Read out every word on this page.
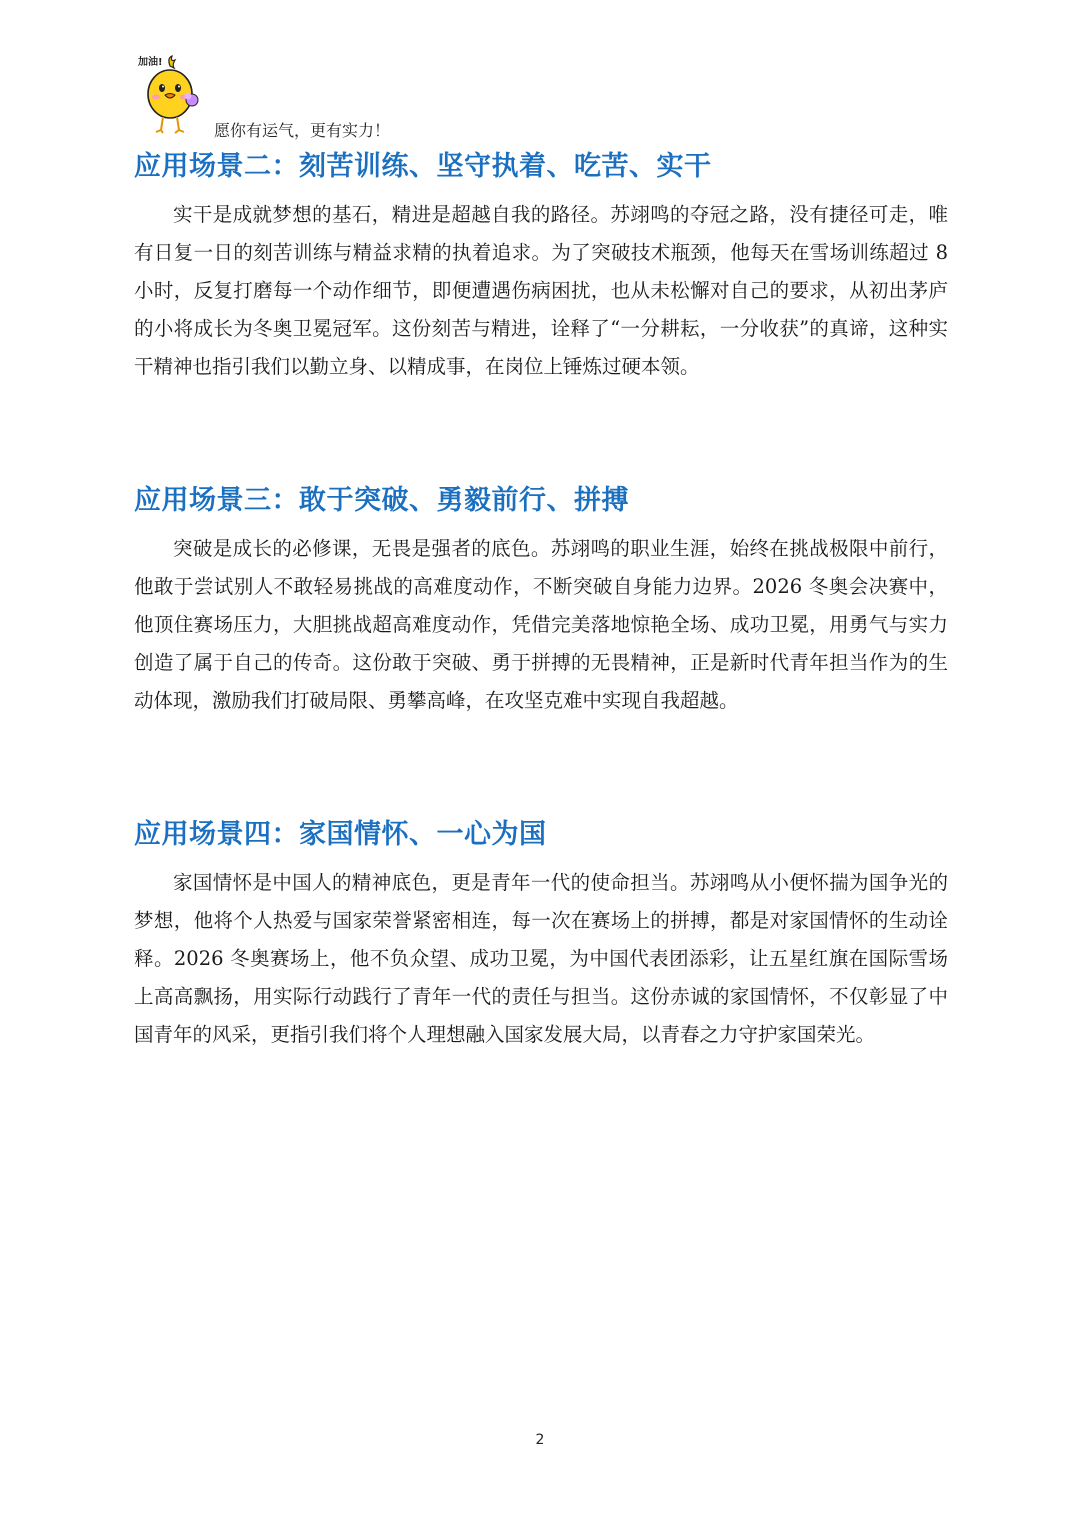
加油!
愿你有运气，更有实力！
应用场景二：刻苦训练、坚守执着、吃苦、实干

实干是成就梦想的基石，精进是超越自我的路径。苏翊鸣的夺冠之路，没有捷径可走，唯有日复一日的刻苦训练与精益求精的执着追求。为了突破技术瓶颈，他每天在雪场训练超过 8 小时，反复打磨每一个动作细节，即便遭遇伤病困扰，也从未松懈对自己的要求，从初出茅庐的小将成长为冬奥卫冕冠军。这份刻苦与精进，诠释了“一分耕耘，一分收获”的真谛，这种实干精神也指引我们以勤立身、以精成事，在岗位上锤炼过硬本领。

应用场景三：敢于突破、勇毅前行、拼搏

突破是成长的必修课，无畏是强者的底色。苏翊鸣的职业生涯，始终在挑战极限中前行，他敢于尝试别人不敢轻易挑战的高难度动作，不断突破自身能力边界。2026 冬奥会决赛中，他顶住赛场压力，大胆挑战超高难度动作，凭借完美落地惊艳全场、成功卫冕，用勇气与实力创造了属于自己的传奇。这份敢于突破、勇于拼搏的无畏精神，正是新时代青年担当作为的生动体现，激励我们打破局限、勇攀高峰，在攻坚克难中实现自我超越。

应用场景四：家国情怀、一心为国

家国情怀是中国人的精神底色，更是青年一代的使命担当。苏翊鸣从小便怀揣为国争光的梦想，他将个人热爱与国家荣誉紧密相连，每一次在赛场上的拼搏，都是对家国情怀的生动诠释。2026 冬奥赛场上，他不负众望、成功卫冕，为中国代表团添彩，让五星红旗在国际雪场上高高飘扬，用实际行动践行了青年一代的责任与担当。这份赤诚的家国情怀，不仅彰显了中国青年的风采，更指引我们将个人理想融入国家发展大局，以青春之力守护家国荣光。

2
